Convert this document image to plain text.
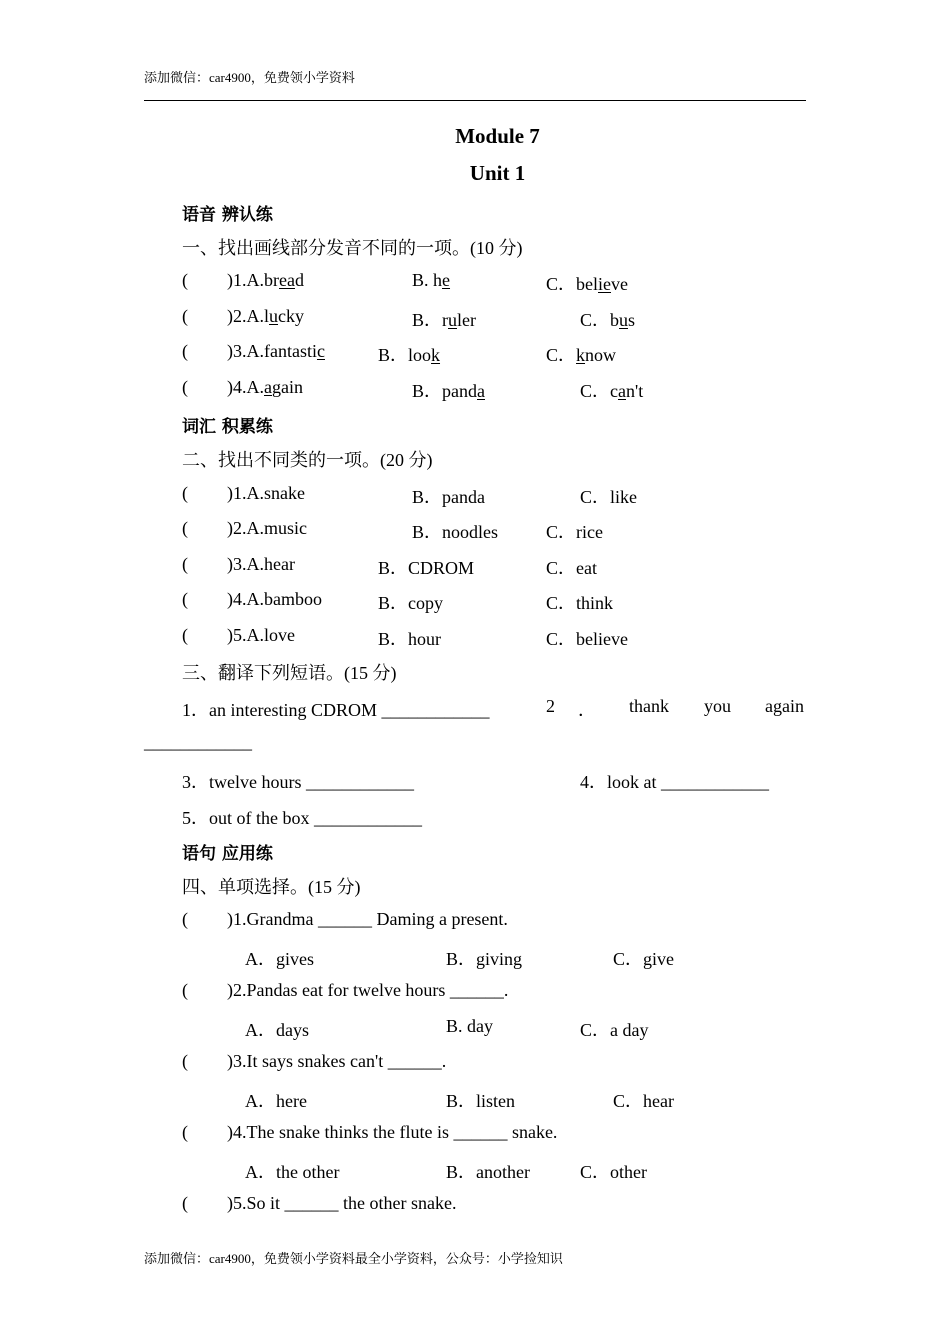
添加微信：car4900，免费领小学资料
Module 7
Unit 1
语音 辨认练
一、找出画线部分发音不同的一项。(10 分)
( )1.A.bread	B. he	C．believe
( )2.A.lucky	B．ruler	C．bus
( )3.A.fantastic	B．look	C．know
( )4.A.again	B．panda	C．can't
词汇 积累练
二、找出不同类的一项。(20 分)
( )1.A.snake	B．panda	C．like
( )2.A.music	B．noodles	C．rice
( )3.A.hear	B．CDROM	C．eat
( )4.A.bamboo	B．copy	C．think
( )5.A.love	B．hour	C．believe
三、翻译下列短语。(15 分)
1．an interesting CDROM ____________	2 ． thank you again
____________
3．twelve hours ____________	4．look at ____________
5．out of the box ____________
语句 应用练
四、单项选择。(15 分)
( )1.Grandma ______ Daming a present.
A．gives	B．giving	C．give
( )2.Pandas eat for twelve hours ______.
A．days	B. day	C．a day
( )3.It says snakes can't ______.
A．here	B．listen	C．hear
( )4.The snake thinks the flute is ______ snake.
A．the other	B．another	C．other
( )5.So it ______ the other snake.
添加微信：car4900，免费领小学资料最全小学资料，公众号：小学捡知识
